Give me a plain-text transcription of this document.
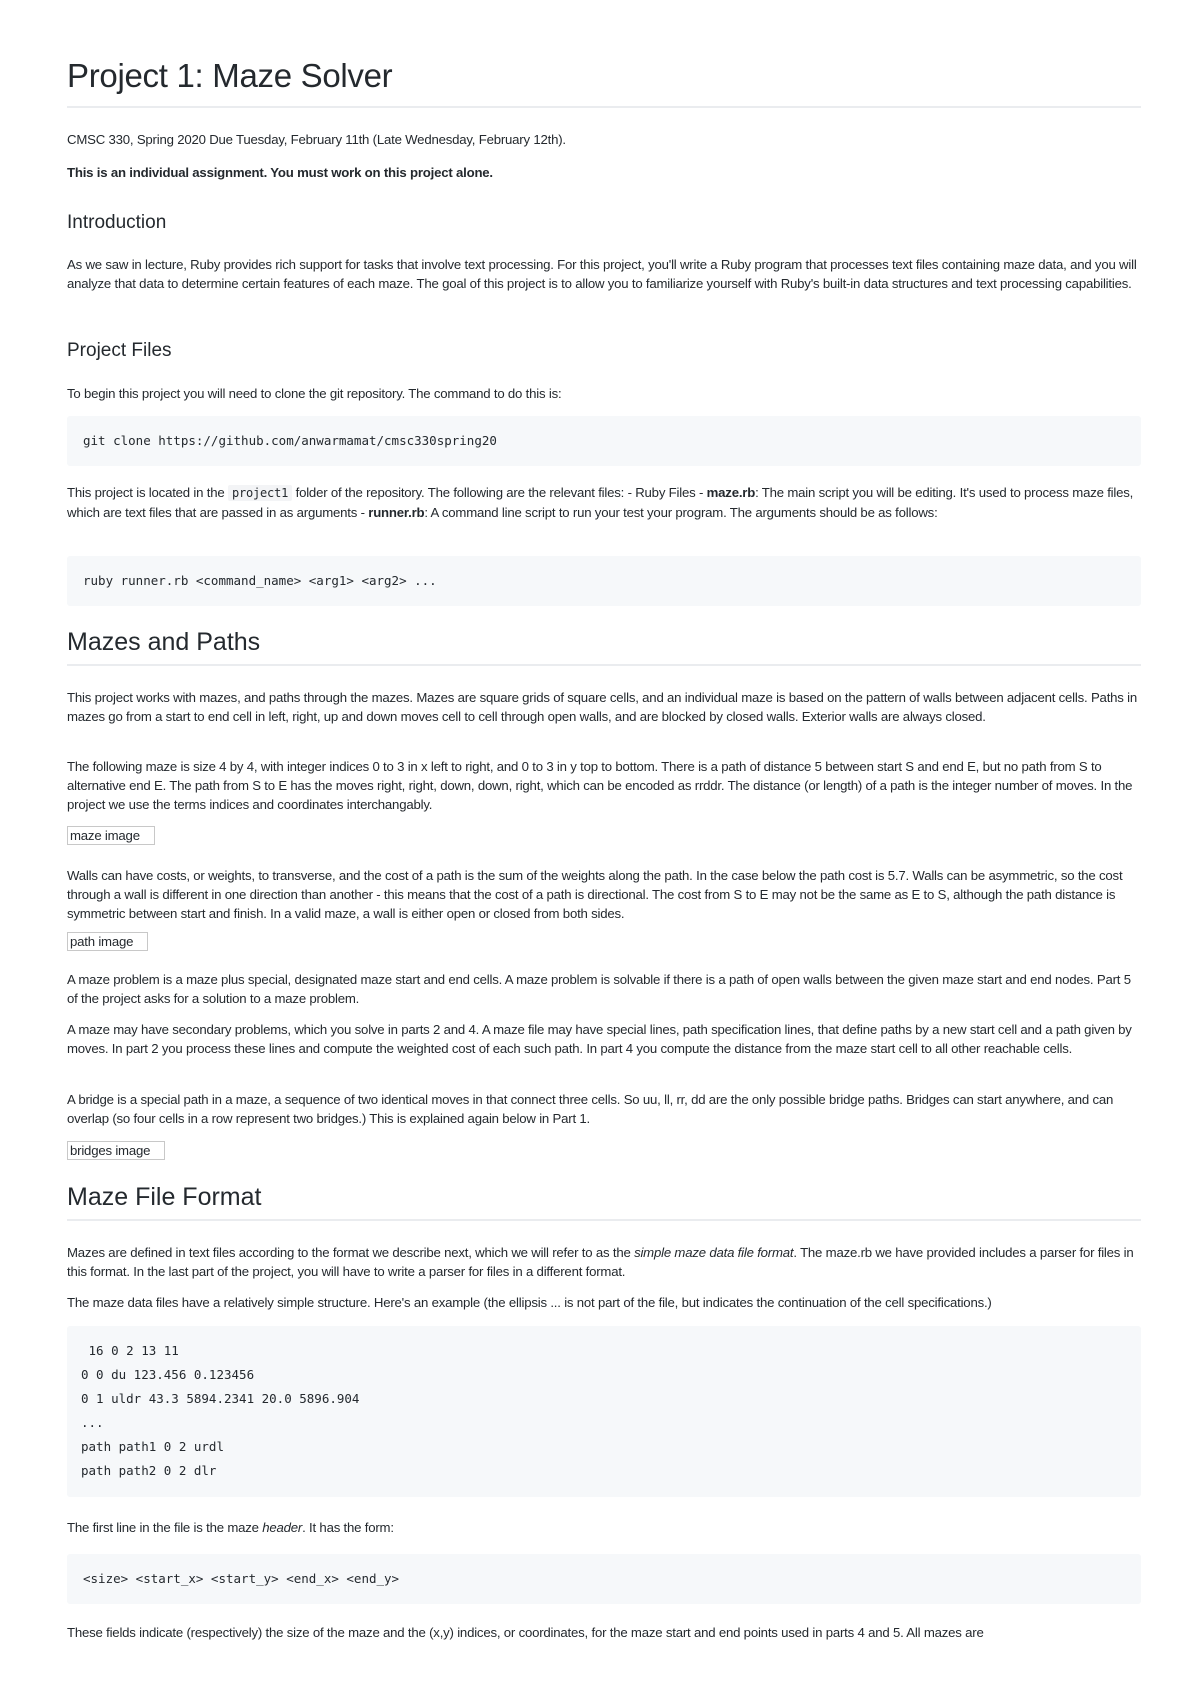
Project 1: Maze Solver

CMSC 330, Spring 2020 Due Tuesday, February 11th (Late Wednesday, February 12th).

This is an individual assignment. You must work on this project alone.

Introduction

As we saw in lecture, Ruby provides rich support for tasks that involve text processing. For this project, you'll write a Ruby program that processes text files containing maze data, and you will analyze that data to determine certain features of each maze. The goal of this project is to allow you to familiarize yourself with Ruby's built-in data structures and text processing capabilities.

Project Files

To begin this project you will need to clone the git repository. The command to do this is:

git clone https://github.com/anwarmamat/cmsc330spring20

This project is located in the project1 folder of the repository. The following are the relevant files: - Ruby Files - maze.rb: The main script you will be editing. It's used to process maze files, which are text files that are passed in as arguments - runner.rb: A command line script to run your test your program. The arguments should be as follows:

ruby runner.rb <command_name> <arg1> <arg2> ...
Mazes and Paths

This project works with mazes, and paths through the mazes. Mazes are square grids of square cells, and an individual maze is based on the pattern of walls between adjacent cells. Paths in mazes go from a start to end cell in left, right, up and down moves cell to cell through open walls, and are blocked by closed walls. Exterior walls are always closed.

The following maze is size 4 by 4, with integer indices 0 to 3 in x left to right, and 0 to 3 in y top to bottom. There is a path of distance 5 between start S and end E, but no path from S to alternative end E. The path from S to E has the moves right, right, down, down, right, which can be encoded as rrddr. The distance (or length) of a path is the integer number of moves. In the project we use the terms indices and coordinates interchangably.

maze image

Walls can have costs, or weights, to transverse, and the cost of a path is the sum of the weights along the path. In the case below the path cost is 5.7. Walls can be asymmetric, so the cost through a wall is different in one direction than another - this means that the cost of a path is directional. The cost from S to E may not be the same as E to S, although the path distance is symmetric between start and finish. In a valid maze, a wall is either open or closed from both sides.

path image

A maze problem is a maze plus special, designated maze start and end cells. A maze problem is solvable if there is a path of open walls between the given maze start and end nodes. Part 5 of the project asks for a solution to a maze problem.

A maze may have secondary problems, which you solve in parts 2 and 4. A maze file may have special lines, path specification lines, that define paths by a new start cell and a path given by moves. In part 2 you process these lines and compute the weighted cost of each such path. In part 4 you compute the distance from the maze start cell to all other reachable cells.

A bridge is a special path in a maze, a sequence of two identical moves in that connect three cells. So uu, ll, rr, dd are the only possible bridge paths. Bridges can start anywhere, and can overlap (so four cells in a row represent two bridges.) This is explained again below in Part 1.

bridges image
Maze File Format

Mazes are defined in text files according to the format we describe next, which we will refer to as the simple maze data file format. The maze.rb we have provided includes a parser for files in this format. In the last part of the project, you will have to write a parser for files in a different format.

The maze data files have a relatively simple structure. Here's an example (the ellipsis ... is not part of the file, but indicates the continuation of the cell specifications.)

16 0 2 13 11
0 0 du 123.456 0.123456
0 1 uldr 43.3 5894.2341 20.0 5896.904
...
path path1 0 2 urdl
path path2 0 2 dlr

The first line in the file is the maze header. It has the form:

<size> <start_x> <start_y> <end_x> <end_y>

These fields indicate (respectively) the size of the maze and the (x,y) indices, or coordinates, for the maze start and end points used in parts 4 and 5. All mazes are
